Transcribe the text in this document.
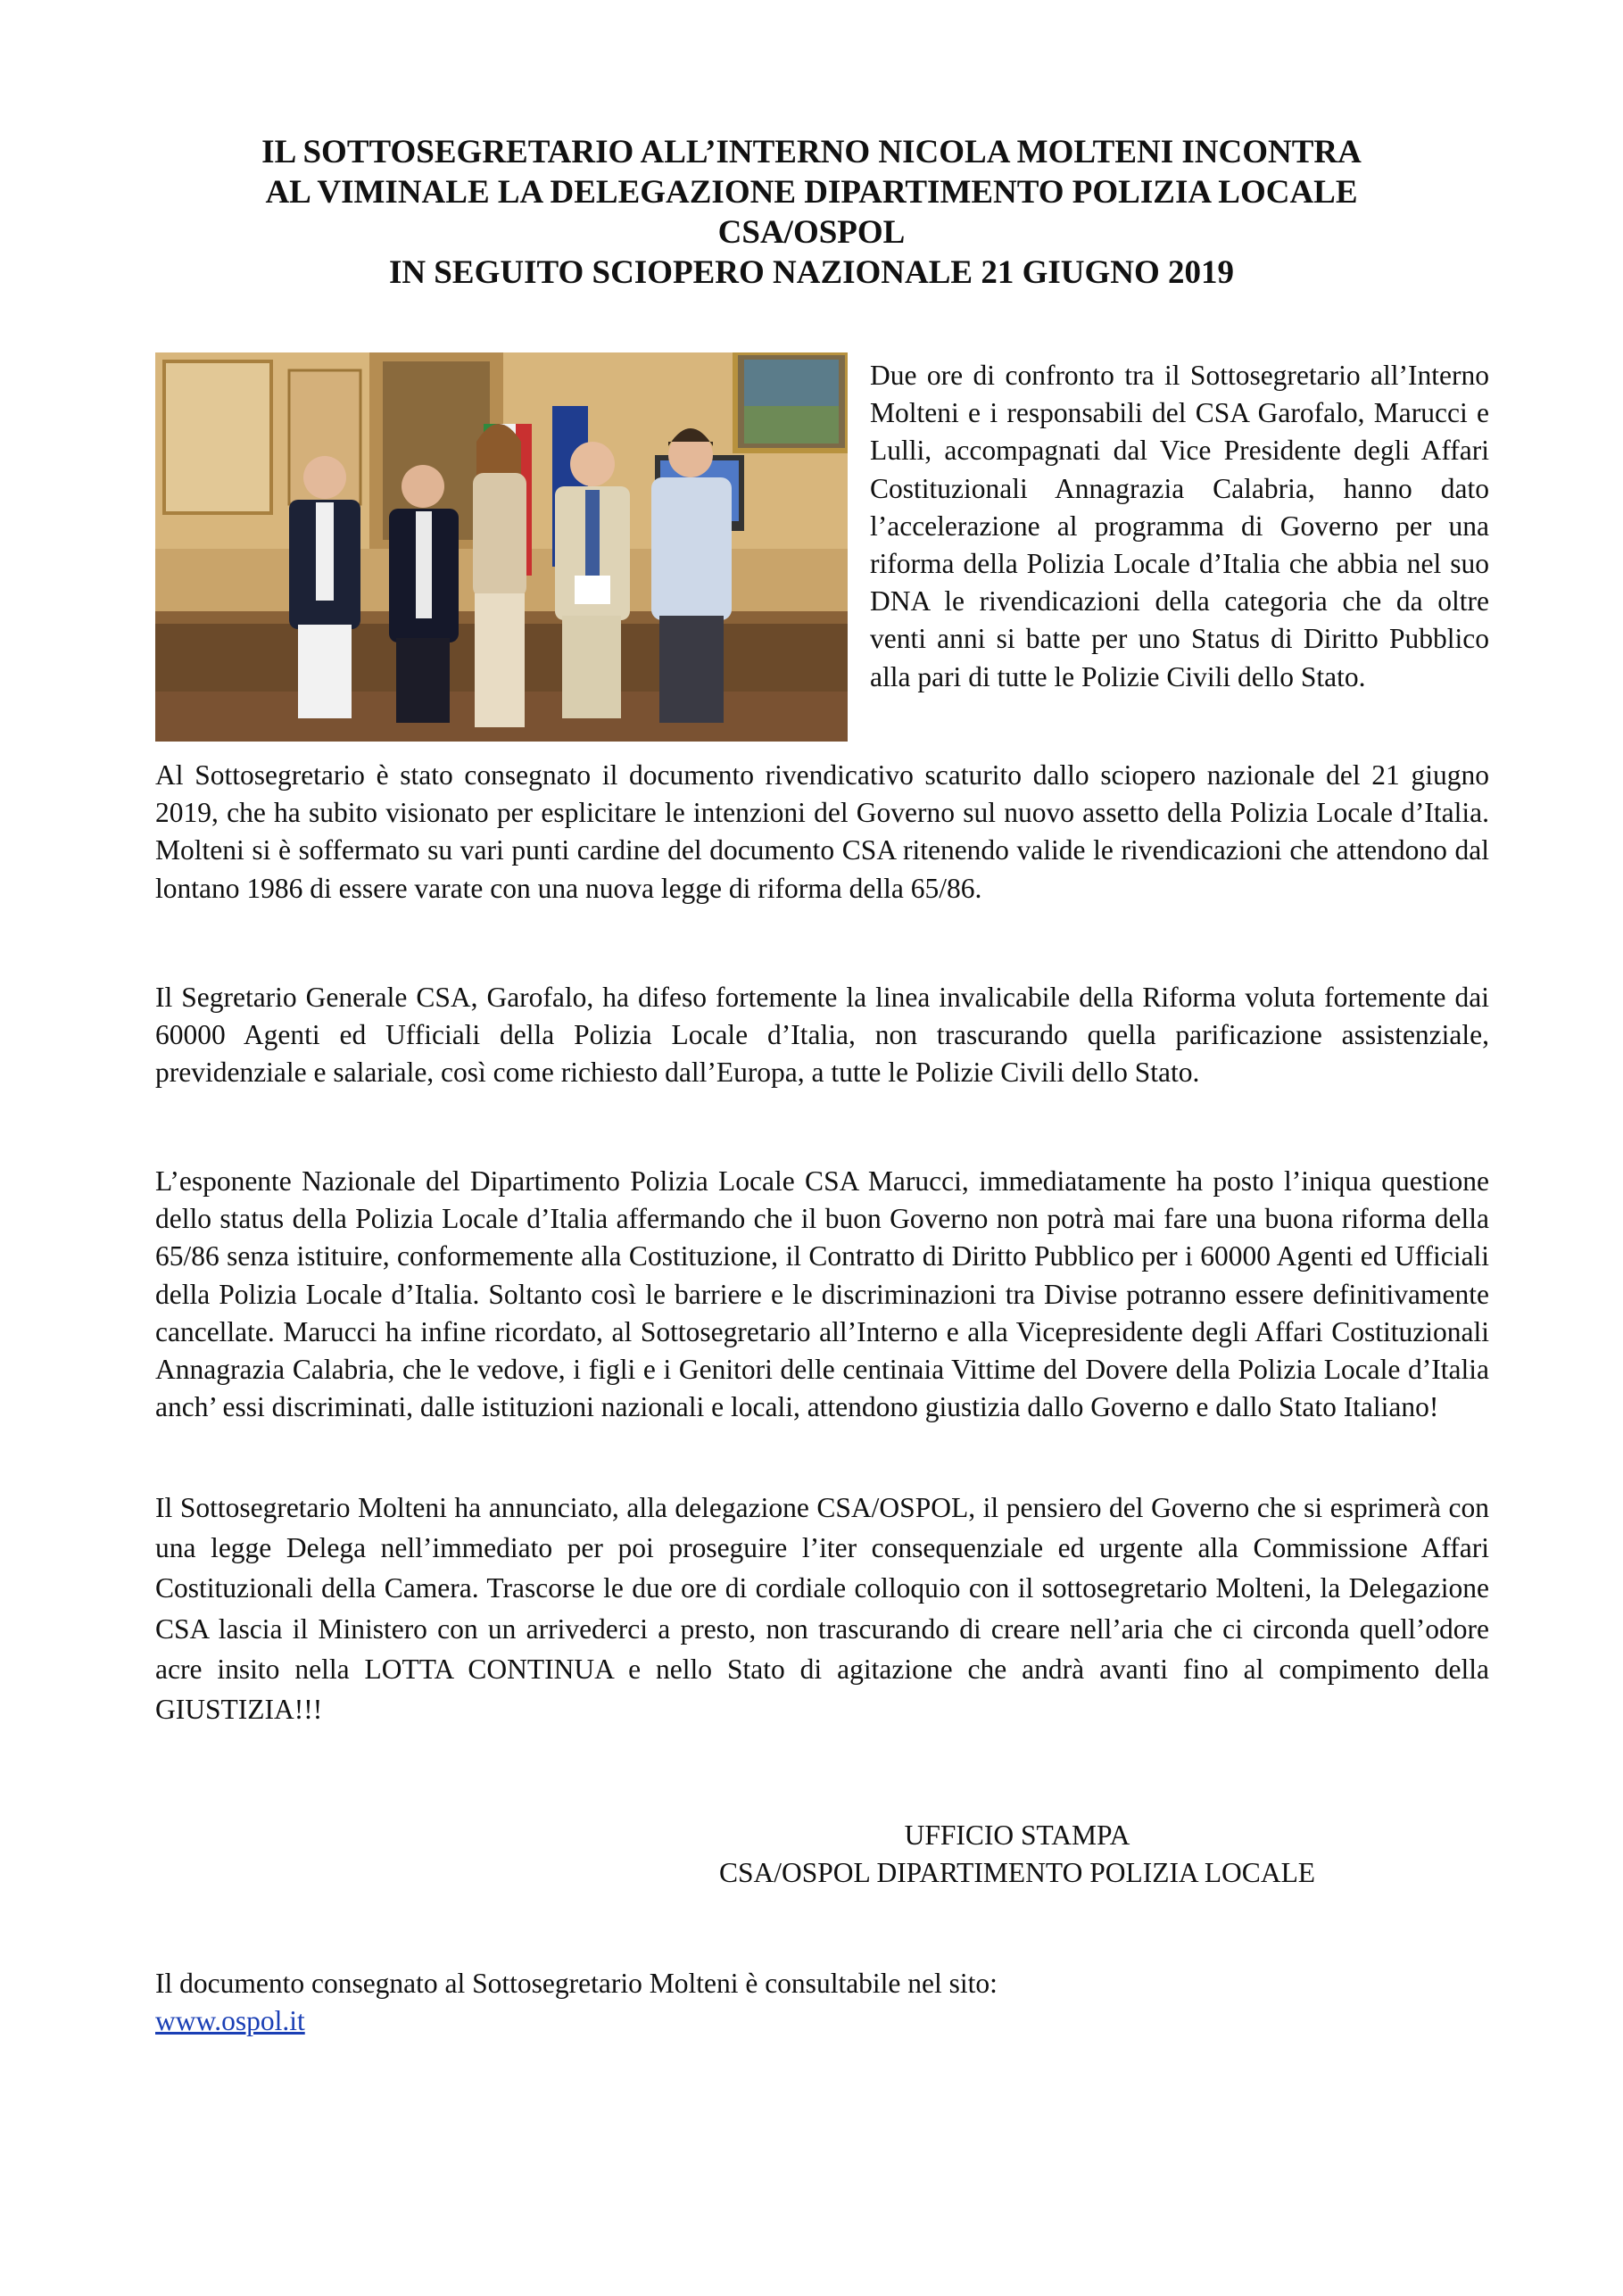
IL SOTTOSEGRETARIO ALL’INTERNO NICOLA MOLTENI INCONTRA
AL VIMINALE LA DELEGAZIONE DIPARTIMENTO POLIZIA LOCALE
CSA/OSPOL
IN SEGUITO SCIOPERO NAZIONALE 21 GIUGNO 2019

Due ore di confronto tra il Sottosegretario all’Interno Molteni e i responsabili del CSA Garofalo, Marucci e Lulli, accompagnati dal Vice Presidente degli Affari Costituzionali Annagrazia Calabria, hanno dato l’accelerazione al programma di Governo per una riforma della Polizia Locale d’Italia che abbia nel suo DNA le rivendicazioni della categoria che da oltre venti anni si batte per uno Status di Diritto Pubblico alla pari di tutte le Polizie Civili dello Stato.

Al Sottosegretario è stato consegnato il documento rivendicativo scaturito dallo sciopero nazionale del 21 giugno 2019, che ha subito visionato per esplicitare le intenzioni del Governo sul nuovo assetto della Polizia Locale d’Italia. Molteni si è soffermato su vari punti cardine del documento CSA ritenendo valide le rivendicazioni che attendono dal lontano 1986 di essere varate con una nuova legge di riforma della 65/86.

Il Segretario Generale CSA, Garofalo, ha difeso fortemente la linea invalicabile della Riforma voluta fortemente dai 60000 Agenti ed Ufficiali della Polizia Locale d’Italia, non trascurando quella parificazione assistenziale, previdenziale e salariale, così come richiesto dall’Europa, a tutte le Polizie Civili dello Stato.

L’esponente Nazionale del Dipartimento Polizia Locale CSA Marucci, immediatamente ha posto l’iniqua questione dello status della Polizia Locale d’Italia affermando che il buon Governo non potrà mai fare una buona riforma della 65/86 senza istituire, conformemente alla Costituzione, il Contratto di Diritto Pubblico per i 60000 Agenti ed Ufficiali della Polizia Locale d’Italia. Soltanto così le barriere e le discriminazioni tra Divise potranno essere definitivamente cancellate. Marucci ha infine ricordato, al Sottosegretario all’Interno e alla Vicepresidente degli Affari Costituzionali Annagrazia Calabria, che le vedove, i figli e i Genitori delle centinaia Vittime del Dovere della Polizia Locale d’Italia anch’ essi discriminati, dalle istituzioni nazionali e locali, attendono giustizia dallo Governo e dallo Stato Italiano!

Il Sottosegretario Molteni ha annunciato, alla delegazione CSA/OSPOL, il pensiero del Governo che si esprimerà con una legge Delega nell’immediato per poi proseguire l’iter consequenziale ed urgente alla Commissione Affari Costituzionali della Camera. Trascorse le due ore di cordiale colloquio con il sottosegretario Molteni, la Delegazione CSA lascia il Ministero con un arrivederci a presto, non trascurando di creare nell’aria che ci circonda quell’odore acre insito nella LOTTA CONTINUA e nello Stato di agitazione che andrà avanti fino al compimento della GIUSTIZIA!!!

UFFICIO STAMPA
CSA/OSPOL DIPARTIMENTO POLIZIA LOCALE

Il documento consegnato al Sottosegretario Molteni è consultabile nel sito:
www.ospol.it
